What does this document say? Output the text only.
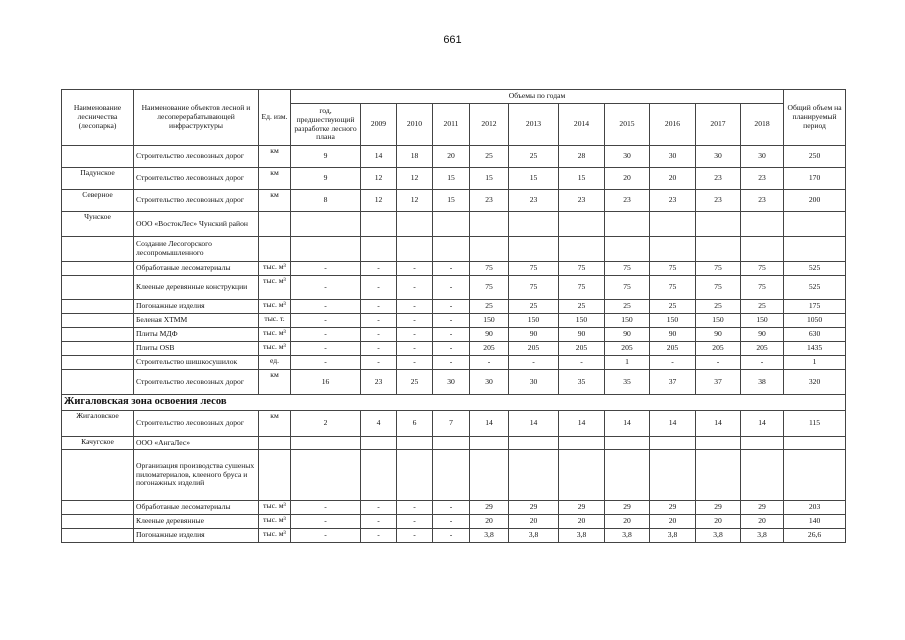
661
Наименование лесничества (лесопарка)	Наименование объектов лесной и лесоперерабатывающей инфраструктуры	Ед. изм.	Объемы по годам											Общий объем на планируемый период
			год, предшествующий разработке лесного плана	2009	2010	2011	2012	2013	2014	2015	2016	2017	2018	
	Строительство лесовозных дорог	км	9	14	18	20	25	25	28	30	30	30	30	250
Падунское	Строительство лесовозных дорог	км	9	12	12	15	15	15	15	20	20	23	23	170
Северное	Строительство лесовозных дорог	км	8	12	12	15	23	23	23	23	23	23	23	200
Чунское	ООО «ВостокЛес» Чунский район													
	Создание Лесогорского лесопромышленного													
	Обработаные лесоматериалы	тыс. м³	-	-	-	-	75	75	75	75	75	75	75	525
	Клееные деревянные конструкции	тыс. м³	-	-	-	-	75	75	75	75	75	75	75	525
	Погонажные изделия	тыс. м³	-	-	-	-	25	25	25	25	25	25	25	175
	Беленая ХТММ	тыс. т.	-	-	-	-	150	150	150	150	150	150	150	1050
	Плиты МДФ	тыс. м³	-	-	-	-	90	90	90	90	90	90	90	630
	Плиты OSB	тыс. м³	-	-	-	-	205	205	205	205	205	205	205	1435
	Строительство шишкосушилок	ед.	-	-	-	-	-	-	-	1	-	-	-	1
	Строительство лесовозных дорог	км	16	23	25	30	30	30	35	35	37	37	38	320
Жигаловская зона освоения лесов														
Жигаловское	Строительство лесовозных дорог	км	2	4	6	7	14	14	14	14	14	14	14	115
Качугское	ООО «АнгаЛес»													
	Организация производства сушеных пиломатериалов, клееного бруса и погонажных изделий													
	Обработаные лесоматериалы	тыс. м³	-	-	-	-	29	29	29	29	29	29	29	203
	Клееные деревянные	тыс. м³	-	-	-	-	20	20	20	20	20	20	20	140
	Погонажные изделия	тыс. м³	-	-	-	-	3,8	3,8	3,8	3,8	3,8	3,8	3,8	26,6
